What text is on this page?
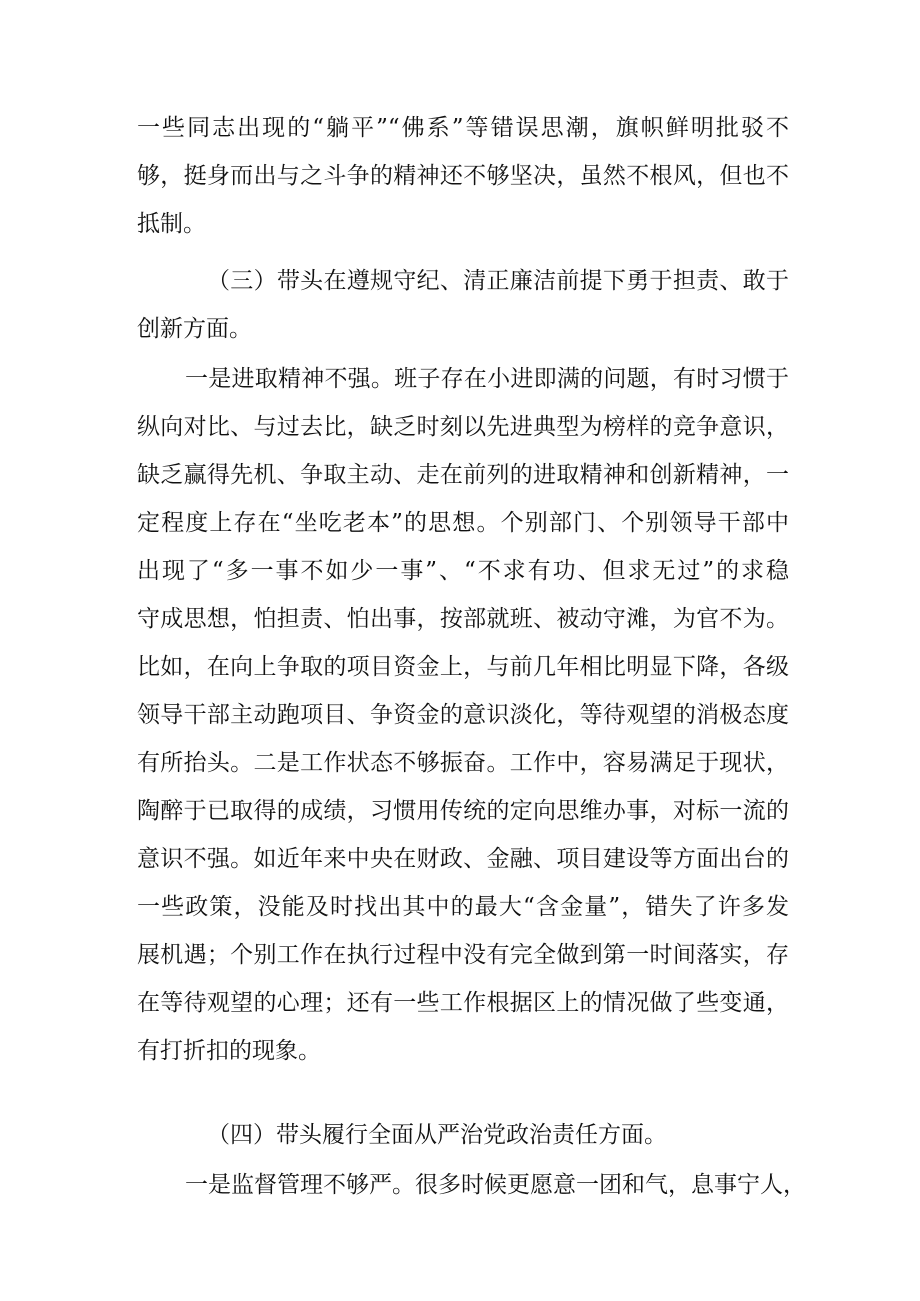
一些同志出现的“躺平”“佛系”等错误思潮，旗帜鲜明批驳不
够，挺身而出与之斗争的精神还不够坚决，虽然不根风，但也不
抵制。
（三）带头在遵规守纪、清正廉洁前提下勇于担责、敢于
创新方面。
一是进取精神不强。班子存在小进即满的问题，有时习惯于
纵向对比、与过去比，缺乏时刻以先进典型为榜样的竞争意识，
缺乏赢得先机、争取主动、走在前列的进取精神和创新精神，一
定程度上存在“坐吃老本”的思想。个别部门、个别领导干部中
出现了“多一事不如少一事”、“不求有功、但求无过”的求稳
守成思想，怕担责、怕出事，按部就班、被动守滩，为官不为。
比如，在向上争取的项目资金上，与前几年相比明显下降，各级
领导干部主动跑项目、争资金的意识淡化，等待观望的消极态度
有所抬头。二是工作状态不够振奋。工作中，容易满足于现状，
陶醉于已取得的成绩，习惯用传统的定向思维办事，对标一流的
意识不强。如近年来中央在财政、金融、项目建设等方面出台的
一些政策，没能及时找出其中的最大“含金量”，错失了许多发
展机遇；个别工作在执行过程中没有完全做到第一时间落实，存
在等待观望的心理；还有一些工作根据区上的情况做了些变通，
有打折扣的现象。
（四）带头履行全面从严治党政治责任方面。
一是监督管理不够严。很多时候更愿意一团和气，息事宁人，
